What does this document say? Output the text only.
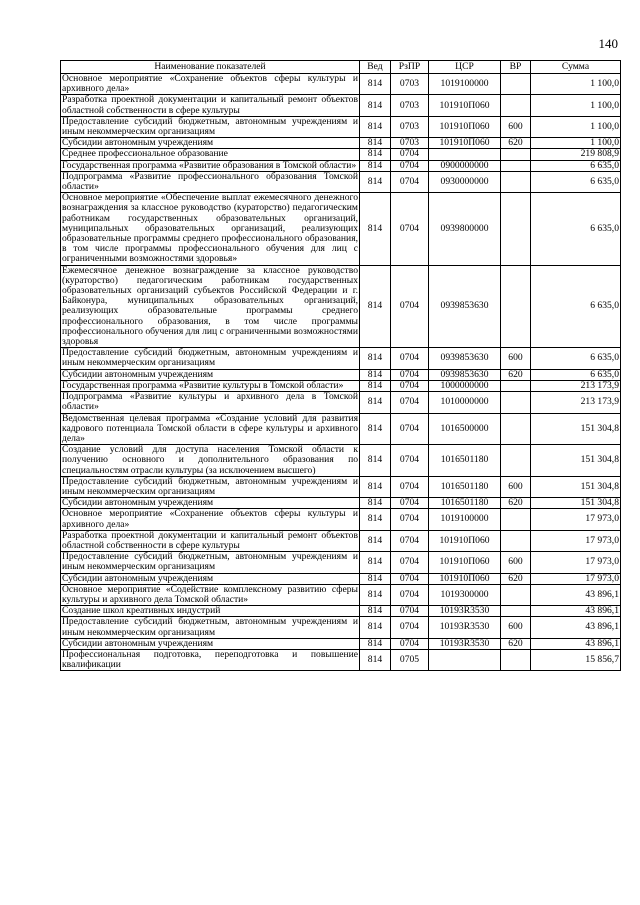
140
Наименование показателей	Вед	РзПР	ЦСР	ВР	Сумма
Основное мероприятие «Сохранение объектов сферы культуры и архивного дела»	814	0703	1019100000		1 100,0
Разработка проектной документации и капитальный ремонт объектов областной собственности в сфере культуры	814	0703	101910П060		1 100,0
Предоставление субсидий бюджетным, автономным учреждениям и иным некоммерческим организациям	814	0703	101910П060	600	1 100,0
Субсидии автономным учреждениям	814	0703	101910П060	620	1 100,0
Среднее профессиональное образование	814	0704			219 808,9
Государственная программа «Развитие образования в Томской области»	814	0704	0900000000		6 635,0
Подпрограмма «Развитие профессионального образования Томской области»	814	0704	0930000000		6 635,0
Основное мероприятие «Обеспечение выплат ежемесячного денежного вознаграждения за классное руководство (кураторство) педагогическим работникам государственных образовательных организаций, муниципальных образовательных организаций, реализующих образовательные программы среднего профессионального образования, в том числе программы профессионального обучения для лиц с ограниченными возможностями здоровья»	814	0704	0939800000		6 635,0
Ежемесячное денежное вознаграждение за классное руководство (кураторство) педагогическим работникам государственных образовательных организаций субъектов Российской Федерации и г. Байконура, муниципальных образовательных организаций, реализующих образовательные программы среднего профессионального образования, в том числе программы профессионального обучения для лиц с ограниченными возможностями здоровья	814	0704	0939853630		6 635,0
Предоставление субсидий бюджетным, автономным учреждениям и иным некоммерческим организациям	814	0704	0939853630	600	6 635,0
Субсидии автономным учреждениям	814	0704	0939853630	620	6 635,0
Государственная программа «Развитие культуры в Томской области»	814	0704	1000000000		213 173,9
Подпрограмма «Развитие культуры и архивного дела в Томской области»	814	0704	1010000000		213 173,9
Ведомственная целевая программа «Создание условий для развития кадрового потенциала Томской области в сфере культуры и архивного дела»	814	0704	1016500000		151 304,8
Создание условий для доступа населения Томской области к получению основного и дополнительного образования по специальностям отрасли культуры (за исключением высшего)	814	0704	1016501180		151 304,8
Предоставление субсидий бюджетным, автономным учреждениям и иным некоммерческим организациям	814	0704	1016501180	600	151 304,8
Субсидии автономным учреждениям	814	0704	1016501180	620	151 304,8
Основное мероприятие «Сохранение объектов сферы культуры и архивного дела»	814	0704	1019100000		17 973,0
Разработка проектной документации и капитальный ремонт объектов областной собственности в сфере культуры	814	0704	101910П060		17 973,0
Предоставление субсидий бюджетным, автономным учреждениям и иным некоммерческим организациям	814	0704	101910П060	600	17 973,0
Субсидии автономным учреждениям	814	0704	101910П060	620	17 973,0
Основное мероприятие «Содействие комплексному развитию сферы культуры и архивного дела Томской области»	814	0704	1019300000		43 896,1
Создание школ креативных индустрий	814	0704	10193R3530		43 896,1
Предоставление субсидий бюджетным, автономным учреждениям и иным некоммерческим организациям	814	0704	10193R3530	600	43 896,1
Субсидии автономным учреждениям	814	0704	10193R3530	620	43 896,1
Профессиональная подготовка, переподготовка и повышение квалификации	814	0705			15 856,7
